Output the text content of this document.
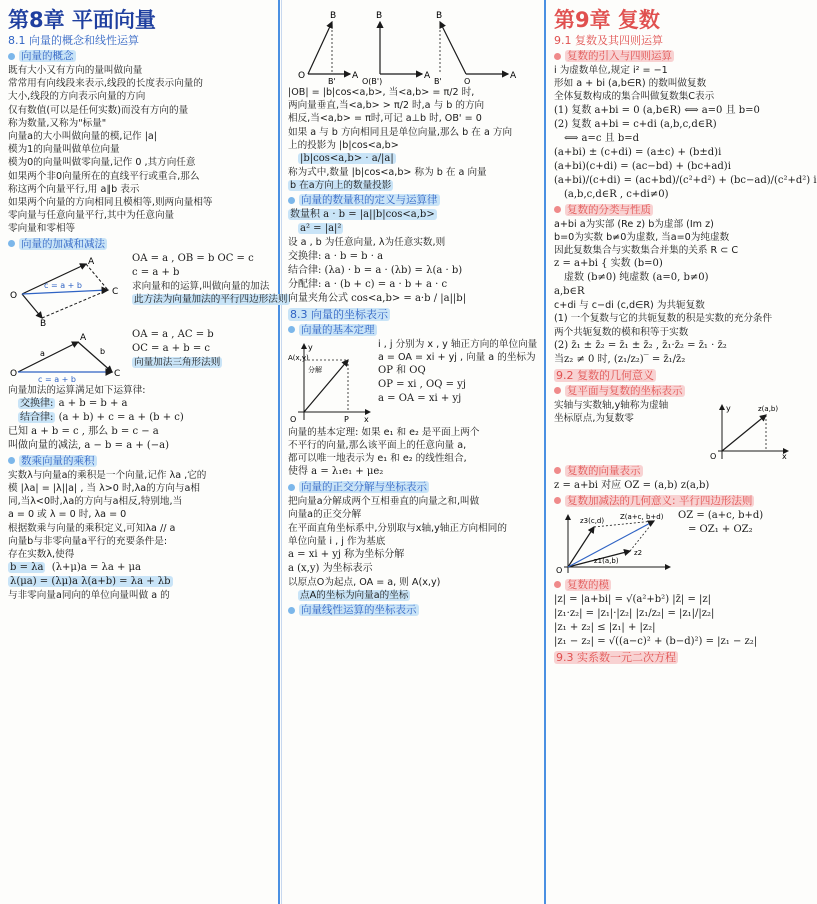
第8章 平面向量
8.1 向量的概念和线性运算
向量的概念

既有大小又有方向的量叫做向量

常常用有向线段来表示,线段的长度表示向量的

大小,线段的方向表示向量的方向

仅有数值(可以是任何实数)而没有方向的量

称为数量,又称为"标量"

向量a的大小叫做向量的模,记作 |a|

模为1的向量叫做单位向量

模为0的向量叫做零向量,记作 0 ,其方向任意

如果两个非0向量所在的直线平行或重合,那么

称这两个向量平行,用 a∥b 表示

如果两个向量的方向相同且模相等,则两向量相等

零向量与任意向量平行,其中为任意向量

零向量和零相等

向量的加减和减法
O
A
B
C
c = a + b

OA = a , OB = b OC = c

c = a + b

求向量和的运算,叫做向量的加法

此方法为向量加法的平行四边形法则

O
A
C
a	b
c = a + b

OA = a , AC = b

OC = a + b = c

向量加法三角形法则

向量加法的运算满足如下运算律:

交换律: a + b = b + a

结合律: (a + b) + c = a + (b + c)

已知 a + b = c , 那么 b = c − a

叫做向量的减法, a − b = a + (−a)

数乘向量的乘积

实数λ与向量a的乘积是一个向量,记作 λa ,它的

模 |λa| = |λ||a| , 当 λ>0 时,λa的方向与a相

同,当λ<0时,λa的方向与a相反,特别地,当

a = 0 或 λ = 0 时, λa = 0

根据数乘与向量的乘积定义,可知λa // a

向量b与非零向量a平行的充要条件是:

存在实数λ,使得

b = λa (λ+μ)a = λa + μa

λ(μa) = (λμ)a λ(a+b) = λa + λb

与非零向量a同向的单位向量叫做 a 的

B
A
O
B'
B
A
O(B')
B
A
B'	O

|OB| = |b|cos<a,b>, 当<a,b> = π/2 时,

两向量垂直,当<a,b> > π/2 时,a 与 b 的方向

相反,当<a,b> = π时,可记 a⊥b 时, OB' = 0

如果 a 与 b 方向相同且是单位向量,那么 b 在 a 方向

上的投影为 |b|cos<a,b>

|b|cos<a,b> · a/|a|

称为式中,数量 |b|cos<a,b> 称为 b 在 a 向量

b 在a方向上的数量投影

向量的数量积的定义与运算律

数量积 a · b = |a||b|cos<a,b>

a² = |a|²

设 a , b 为任意向量, λ为任意实数,则

交换律: a · b = b · a

结合律: (λa) · b = a · (λb) = λ(a · b)

分配律: a · (b + c) = a · b + a · c

向量夹角公式 cos<a,b> = a·b / |a||b|

8.3 向量的坐标表示
向量的基本定理
A(x,y)
y
x
O	P
分解

i , j 分别为 x , y 轴正方向的单位向量

a = OA = xi + yj , 向量 a 的坐标为

OP 和 OQ

OP = xi , OQ = yj

a = OA = xi + yj

向量的基本定理: 如果 e₁ 和 e₂ 是平面上两个

不平行的向量,那么该平面上的任意向量 a,

都可以唯一地表示为 e₁ 和 e₂ 的线性组合,

使得 a = λ₁e₁ + μe₂

向量的正交分解与坐标表示

把向量a分解成两个互相垂直的向量之和,叫做

向量a的正交分解

在平面直角坐标系中,分别取与x轴,y轴正方向相同的

单位向量 i , j 作为基底

a = xi + yj 称为坐标分解

a (x,y) 为坐标表示

以原点O为起点, OA = a, 则 A(x,y)

点A的坐标为向量a的坐标

向量线性运算的坐标表示
第9章 复数
9.1 复数及其四则运算
复数的引入与四则运算

i 为虚数单位,规定 i² = −1

形如 a + bi (a,b∈R) 的数叫做复数

全体复数构成的集合叫做复数集C表示

(1) 复数 a+bi = 0 (a,b∈R) ⟺ a=0 且 b=0

(2) 复数 a+bi = c+di (a,b,c,d∈R)

⟺ a=c 且 b=d

(a+bi) ± (c+di) = (a±c) + (b±d)i

(a+bi)(c+di) = (ac−bd) + (bc+ad)i

(a+bi)/(c+di) = (ac+bd)/(c²+d²) + (bc−ad)/(c²+d²) i

(a,b,c,d∈R , c+di≠0)

复数的分类与性质

a+bi a为实部 (Re z) b为虚部 (Im z)

b=0为实数 b≠0为虚数, 当a=0为纯虚数

因此复数集合与实数集合并集的关系 R ⊂ C

z = a+bi { 实数 (b=0)

虚数 (b≠0) 纯虚数 (a=0, b≠0)

a,b∈R

c+di 与 c−di (c,d∈R) 为共轭复数

(1) 一个复数与它的共轭复数的积是实数的充分条件

两个共轭复数的模和积等于实数

(2) z̄₁ ± z̄₂ = z̄₁ ± z̄₂ , z̄₁·z̄₂ = z̄₁ · z̄₂

当z₂ ≠ 0 时, (z₁/z₂)‾ = z̄₁/z̄₂

9.2 复数的几何意义
复平面与复数的坐标表示

实轴与实数轴,y轴称为虚轴

坐标原点,为复数零

z(a,b)
y
x
O
复数的向量表示

z = a+bi 对应 OZ = (a,b) z(a,b)

复数加减法的几何意义: 平行四边形法则
z3(c,d) Z(a+c, b+d)
z2
z1(a,b)
O

OZ = (a+c, b+d)

= OZ₁ + OZ₂

复数的模

|z| = |a+bi| = √(a²+b²) |z̄| = |z|

|z₁·z₂| = |z₁|·|z₂| |z₁/z₂| = |z₁|/|z₂|

|z₁ + z₂| ≤ |z₁| + |z₂|

|z₁ − z₂| = √((a−c)² + (b−d)²) = |z₁ − z₂|

9.3 实系数一元二次方程
